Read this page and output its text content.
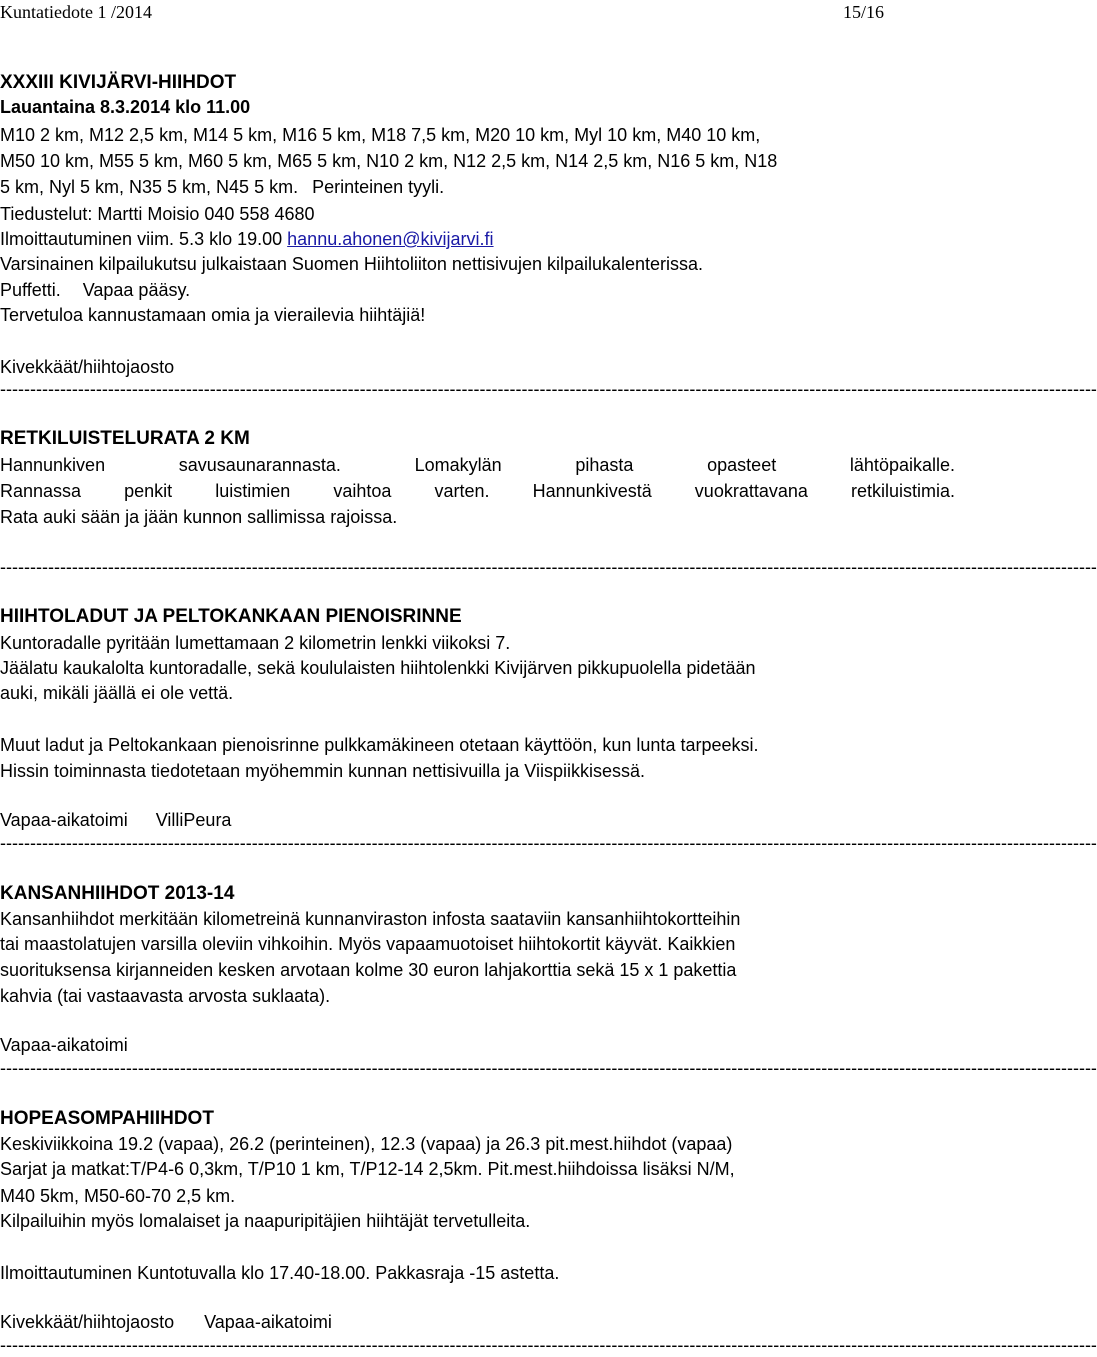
Kuntatiedote 1 /2014	15/16
XXXIII KIVIJÄRVI-HIIHDOT
Lauantaina 8.3.2014 klo 11.00
M10 2 km, M12 2,5 km, M14 5 km, M16 5 km, M18 7,5 km, M20 10 km, Myl 10 km, M40 10 km,
M50 10 km, M55 5 km, M60 5 km, M65 5 km, N10 2 km, N12 2,5 km, N14 2,5 km, N16 5 km, N18
5 km, Nyl 5 km, N35 5 km, N45 5 km. Perinteinen tyyli.
Tiedustelut: Martti Moisio 040 558 4680
Ilmoittautuminen viim. 5.3 klo 19.00 hannu.ahonen@kivijarvi.fi
Varsinainen kilpailukutsu julkaistaan Suomen Hiihtoliiton nettisivujen kilpailukalenterissa.
Puffetti. Vapaa pääsy.
Tervetuloa kannustamaan omia ja vierailevia hiihtäjiä!
Kivekkäät/hiihtojaosto
---------------------------------------------------------------------------------------------------------------------------------------------------------------------------------------
RETKILUISTELURATA 2 KM
Hannunkiven savusaunarannasta. Lomakylän pihasta opasteet lähtöpaikalle.
Rannassa penkit luistimien vaihtoa varten. Hannunkivestä vuokrattavana retkiluistimia.
Rata auki sään ja jään kunnon sallimissa rajoissa.
---------------------------------------------------------------------------------------------------------------------------------------------------------------------------------------
HIIHTOLADUT JA PELTOKANKAAN PIENOISRINNE
Kuntoradalle pyritään lumettamaan 2 kilometrin lenkki viikoksi 7.
Jäälatu kaukalolta kuntoradalle, sekä koululaisten hiihtolenkki Kivijärven pikkupuolella pidetään
auki, mikäli jäällä ei ole vettä.
Muut ladut ja Peltokankaan pienoisrinne pulkkamäkineen otetaan käyttöön, kun lunta tarpeeksi.
Hissin toiminnasta tiedotetaan myöhemmin kunnan nettisivuilla ja Viispiikkisessä.
Vapaa-aikatoimi VilliPeura
---------------------------------------------------------------------------------------------------------------------------------------------------------------------------------------
KANSANHIIHDOT 2013-14
Kansanhiihdot merkitään kilometreinä kunnanviraston infosta saataviin kansanhiihtokortteihin
tai maastolatujen varsilla oleviin vihkoihin. Myös vapaamuotoiset hiihtokortit käyvät. Kaikkien
suorituksensa kirjanneiden kesken arvotaan kolme 30 euron lahjakorttia sekä 15 x 1 pakettia
kahvia (tai vastaavasta arvosta suklaata).
Vapaa-aikatoimi
---------------------------------------------------------------------------------------------------------------------------------------------------------------------------------------
HOPEASOMPAHIIHDOT
Keskiviikkoina 19.2 (vapaa), 26.2 (perinteinen), 12.3 (vapaa) ja 26.3 pit.mest.hiihdot (vapaa)
Sarjat ja matkat:T/P4-6 0,3km, T/P10 1 km, T/P12-14 2,5km. Pit.mest.hiihdoissa lisäksi N/M,
M40 5km, M50-60-70 2,5 km.
Kilpailuihin myös lomalaiset ja naapuripitäjien hiihtäjät tervetulleita.
Ilmoittautuminen Kuntotuvalla klo 17.40-18.00. Pakkasraja -15 astetta.
Kivekkäät/hiihtojaosto Vapaa-aikatoimi
---------------------------------------------------------------------------------------------------------------------------------------------------------------------------------------
